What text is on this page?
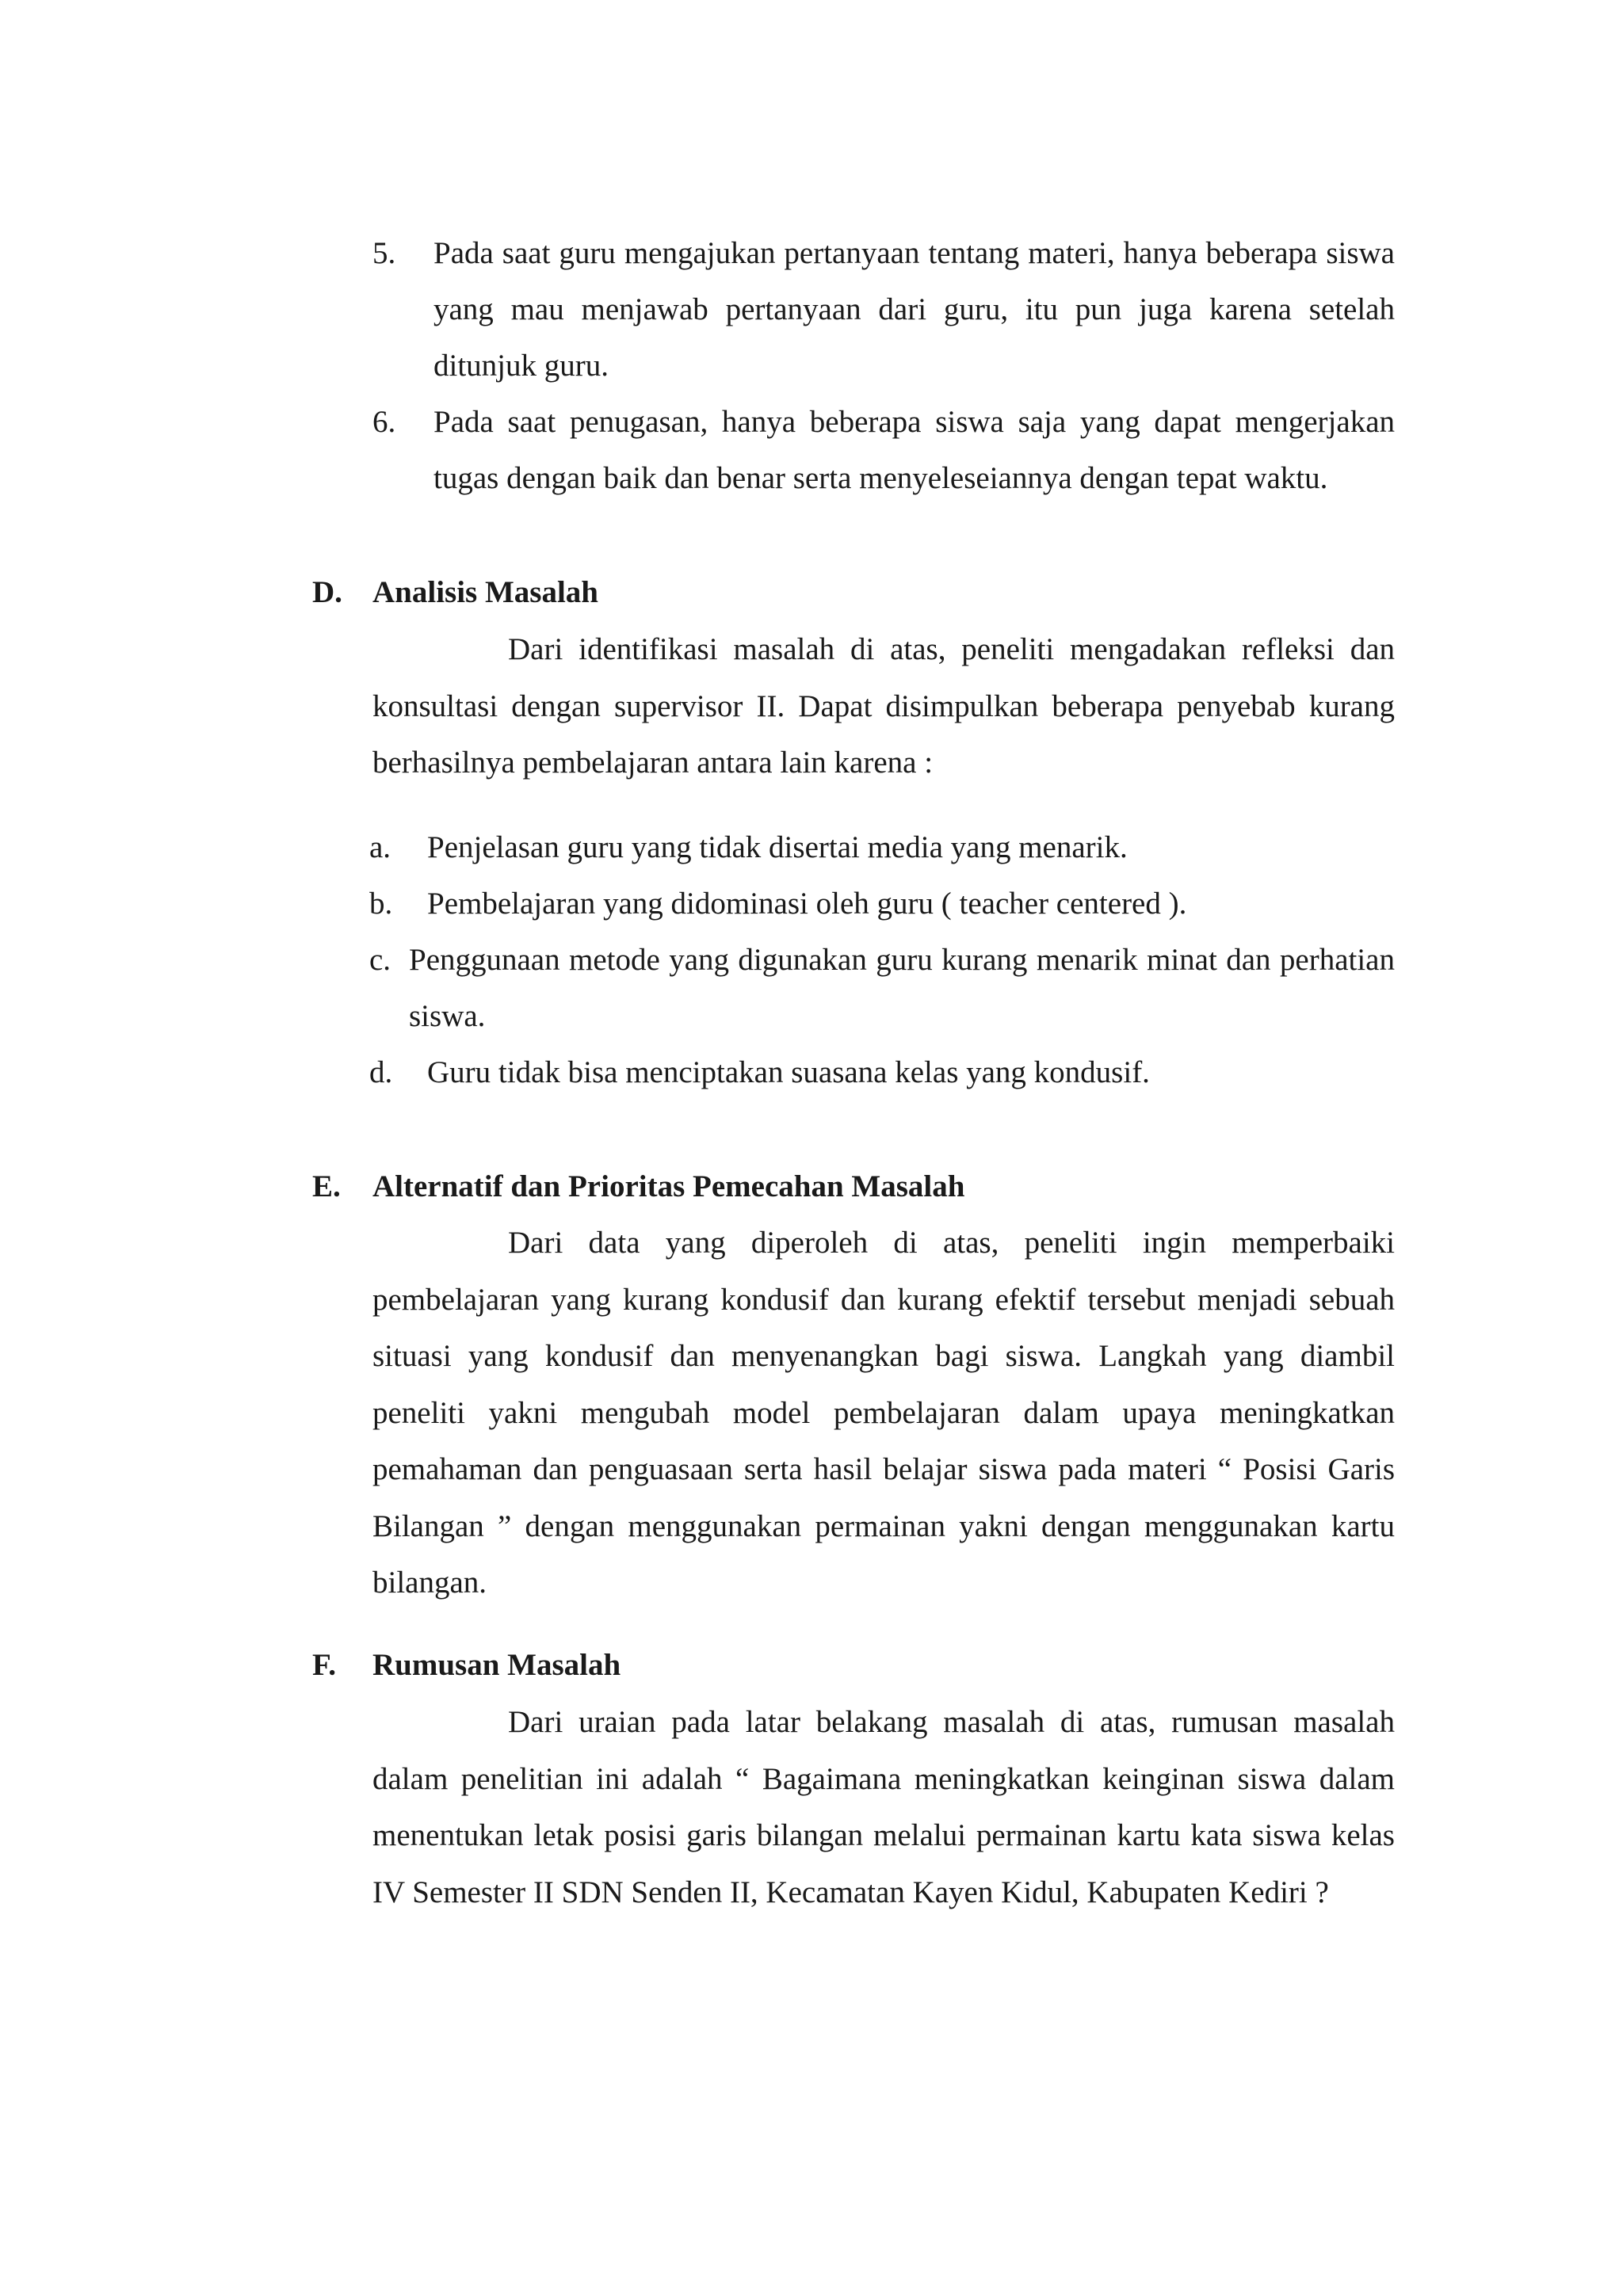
5. Pada saat guru mengajukan pertanyaan tentang materi, hanya beberapa siswa yang mau menjawab pertanyaan dari guru, itu pun juga karena setelah ditunjuk guru.
6. Pada saat penugasan, hanya beberapa siswa saja yang dapat mengerjakan tugas dengan baik dan benar serta menyeleseiannya dengan tepat waktu.
D. Analisis Masalah
Dari identifikasi masalah di atas, peneliti mengadakan refleksi dan konsultasi dengan supervisor II. Dapat disimpulkan beberapa penyebab kurang berhasilnya pembelajaran antara lain karena :
a. Penjelasan guru yang tidak disertai media yang menarik.
b. Pembelajaran yang didominasi oleh guru ( teacher centered ).
c. Penggunaan metode yang digunakan guru kurang menarik minat dan perhatian siswa.
d. Guru tidak bisa menciptakan suasana kelas yang kondusif.
E. Alternatif dan Prioritas Pemecahan Masalah
Dari data yang diperoleh di atas, peneliti ingin memperbaiki pembelajaran yang kurang kondusif dan kurang efektif tersebut menjadi sebuah situasi yang kondusif dan menyenangkan bagi siswa. Langkah yang diambil peneliti yakni mengubah model pembelajaran dalam upaya meningkatkan pemahaman dan penguasaan serta hasil belajar siswa pada materi “ Posisi Garis Bilangan ” dengan menggunakan permainan yakni dengan menggunakan kartu bilangan.
F. Rumusan Masalah
Dari uraian pada latar belakang masalah di atas, rumusan masalah dalam penelitian ini adalah “ Bagaimana meningkatkan keinginan siswa dalam menentukan letak posisi garis bilangan melalui permainan kartu kata siswa kelas IV Semester II SDN Senden II, Kecamatan Kayen Kidul, Kabupaten Kediri ?
